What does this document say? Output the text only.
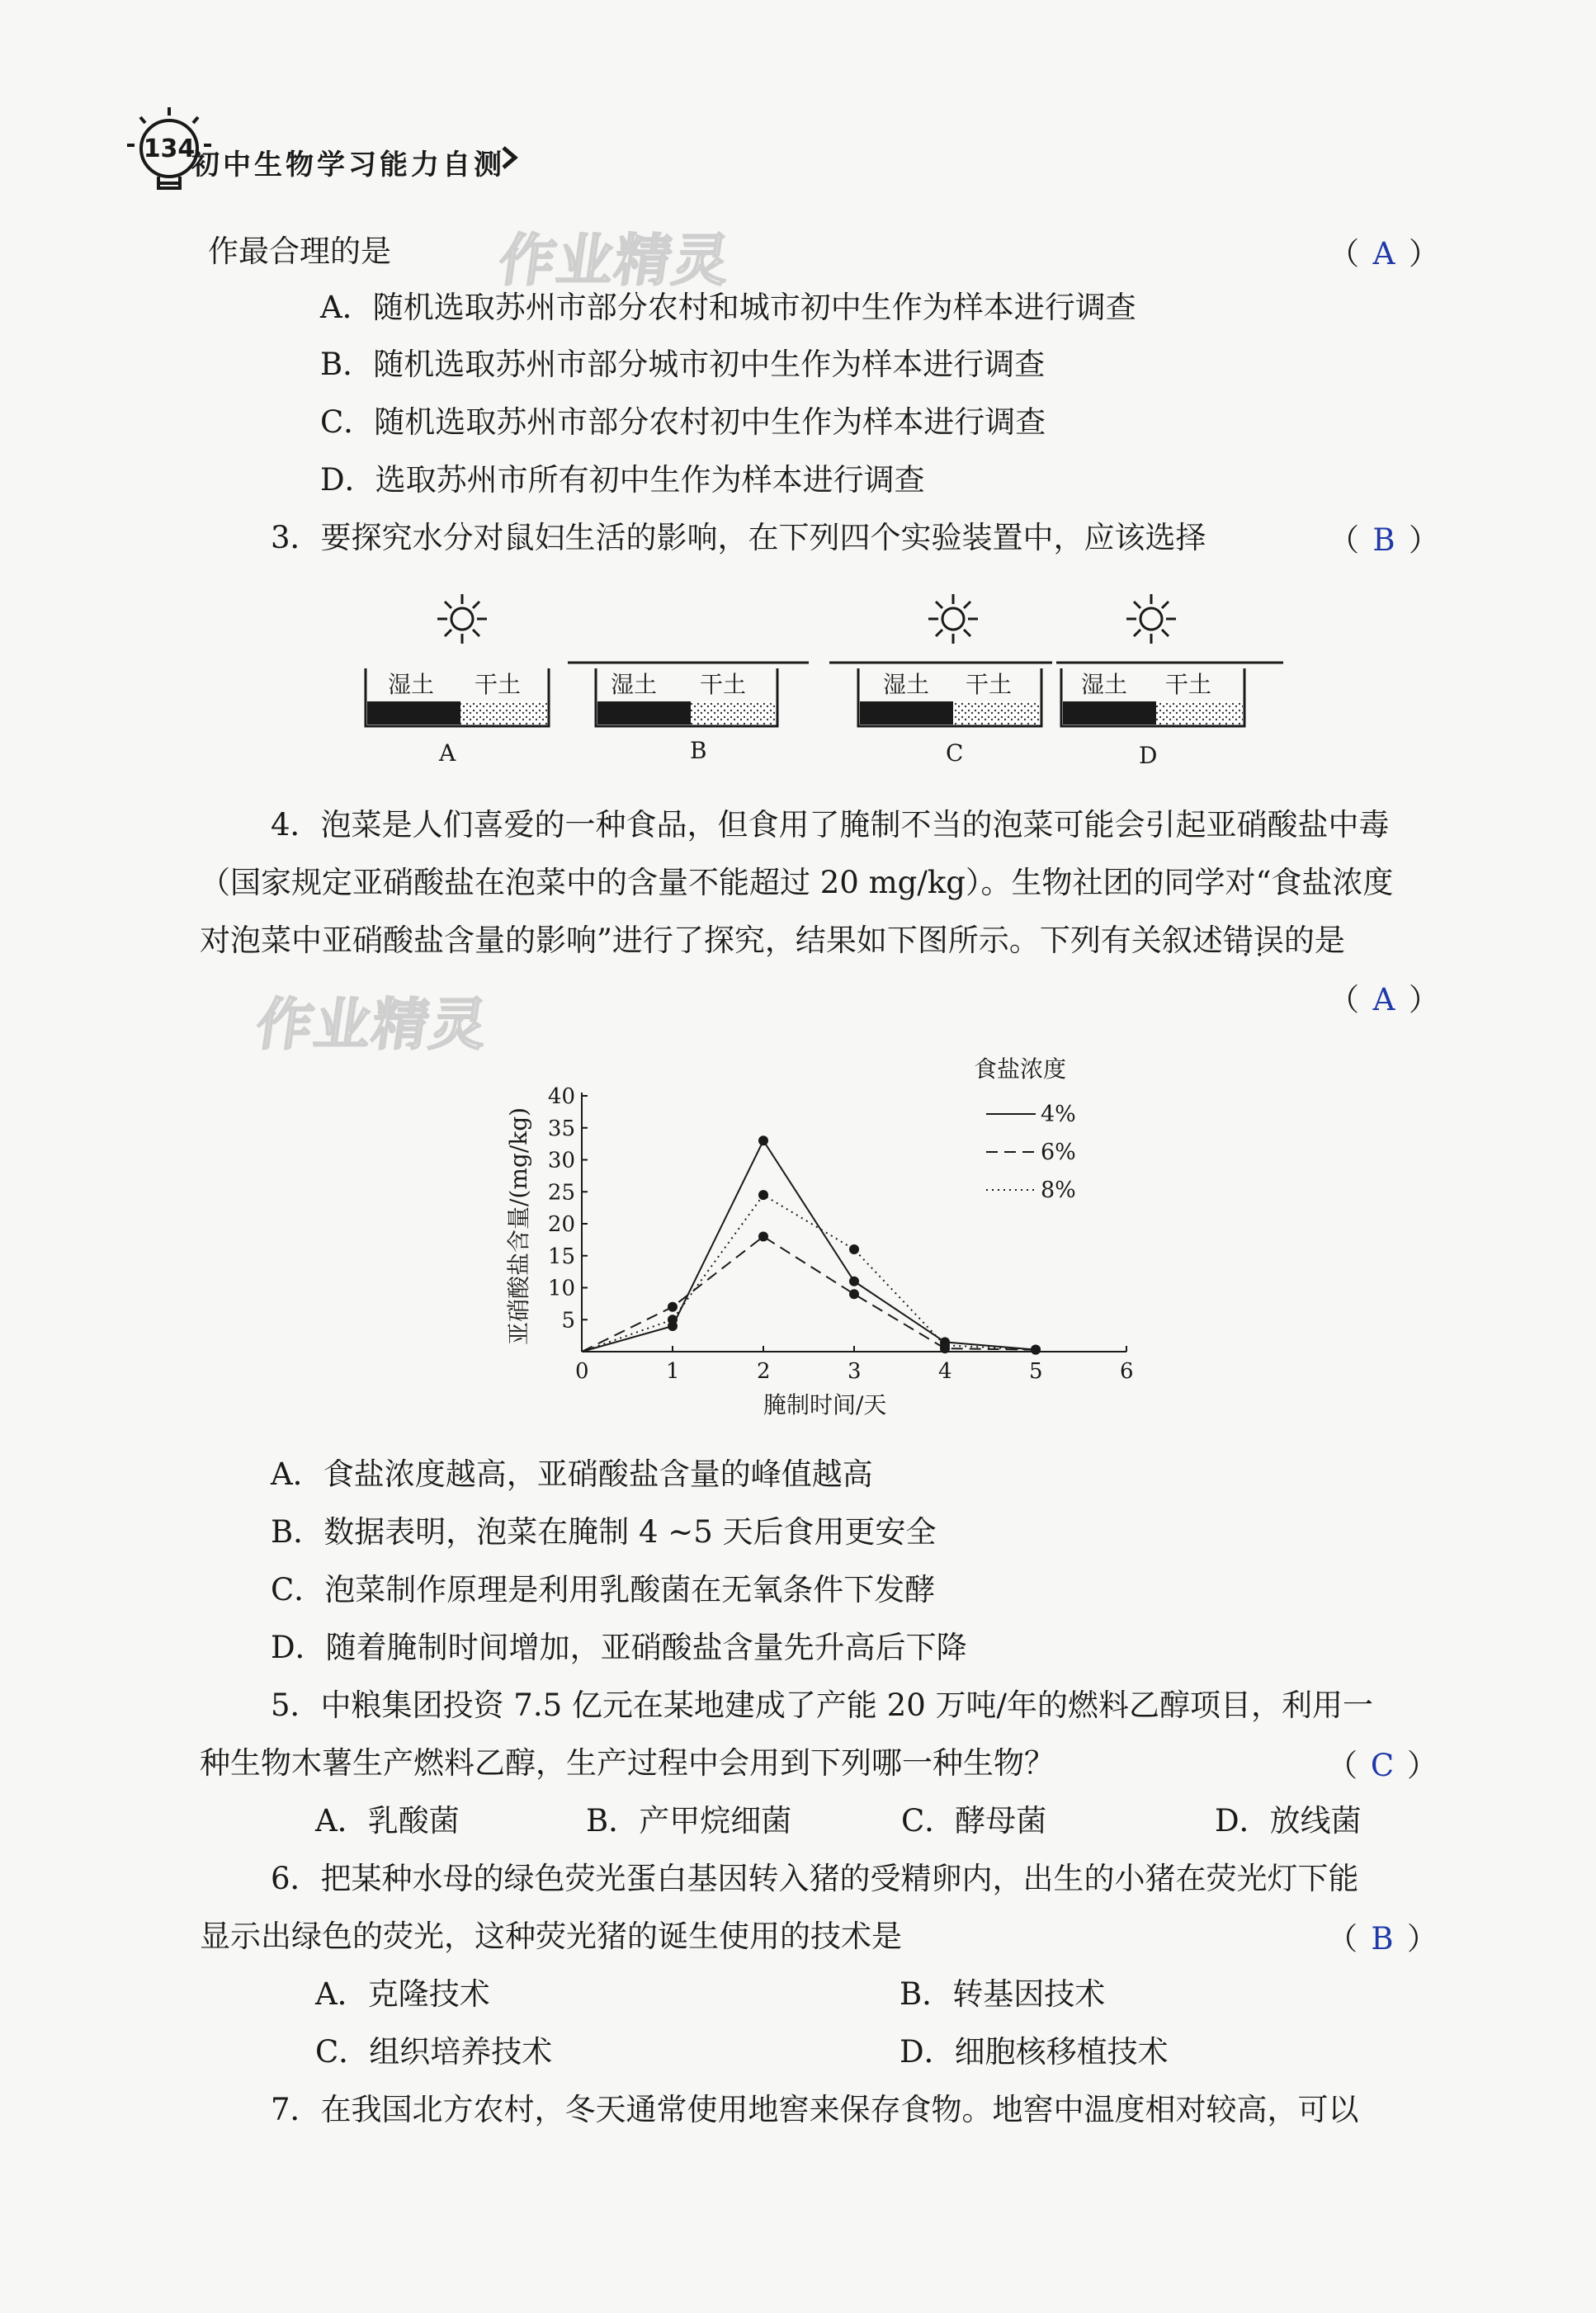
134
初中生物学习能力自测
作业精灵
作业精灵
作最合理的是	（ A ）
A．随机选取苏州市部分农村和城市初中生作为样本进行调查
B．随机选取苏州市部分城市初中生作为样本进行调查
C．随机选取苏州市部分农村初中生作为样本进行调查
D．选取苏州市所有初中生作为样本进行调查
3．要探究水分对鼠妇生活的影响，在下列四个实验装置中，应该选择	（ B ）
湿土 干土
A
湿土 干土
B
湿土 干土
C
湿土 干土
D
4．泡菜是人们喜爱的一种食品，但食用了腌制不当的泡菜可能会引起亚硝酸盐中毒
（国家规定亚硝酸盐在泡菜中的含量不能超过 20 mg/kg）。生物社团的同学对“食盐浓度
对泡菜中亚硝酸盐含量的影响”进行了探究，结果如下图所示。下列有关叙述错误 • •的是
（ A ）
0	1	2	3	4	5	6
5
10
15
20
25
30
35
40
4%
6%
8%
亚硝酸盐含量/(mg/kg)
腌制时间/天
食盐浓度
A．食盐浓度越高，亚硝酸盐含量的峰值越高
B．数据表明，泡菜在腌制 4 ~5 天后食用更安全
C．泡菜制作原理是利用乳酸菌在无氧条件下发酵
D．随着腌制时间增加，亚硝酸盐含量先升高后下降
5．中粮集团投资 7.5 亿元在某地建成了产能 20 万吨/年的燃料乙醇项目，利用一
种生物木薯生产燃料乙醇，生产过程中会用到下列哪一种生物？	（ C ）
A．乳酸菌	B．产甲烷细菌	C．酵母菌	D．放线菌
6．把某种水母的绿色荧光蛋白基因转入猪的受精卵内，出生的小猪在荧光灯下能
显示出绿色的荧光，这种荧光猪的诞生使用的技术是	（ B ）
A．克隆技术	B．转基因技术
C．组织培养技术	D．细胞核移植技术
7．在我国北方农村，冬天通常使用地窖来保存食物。地窖中温度相对较高，可以
